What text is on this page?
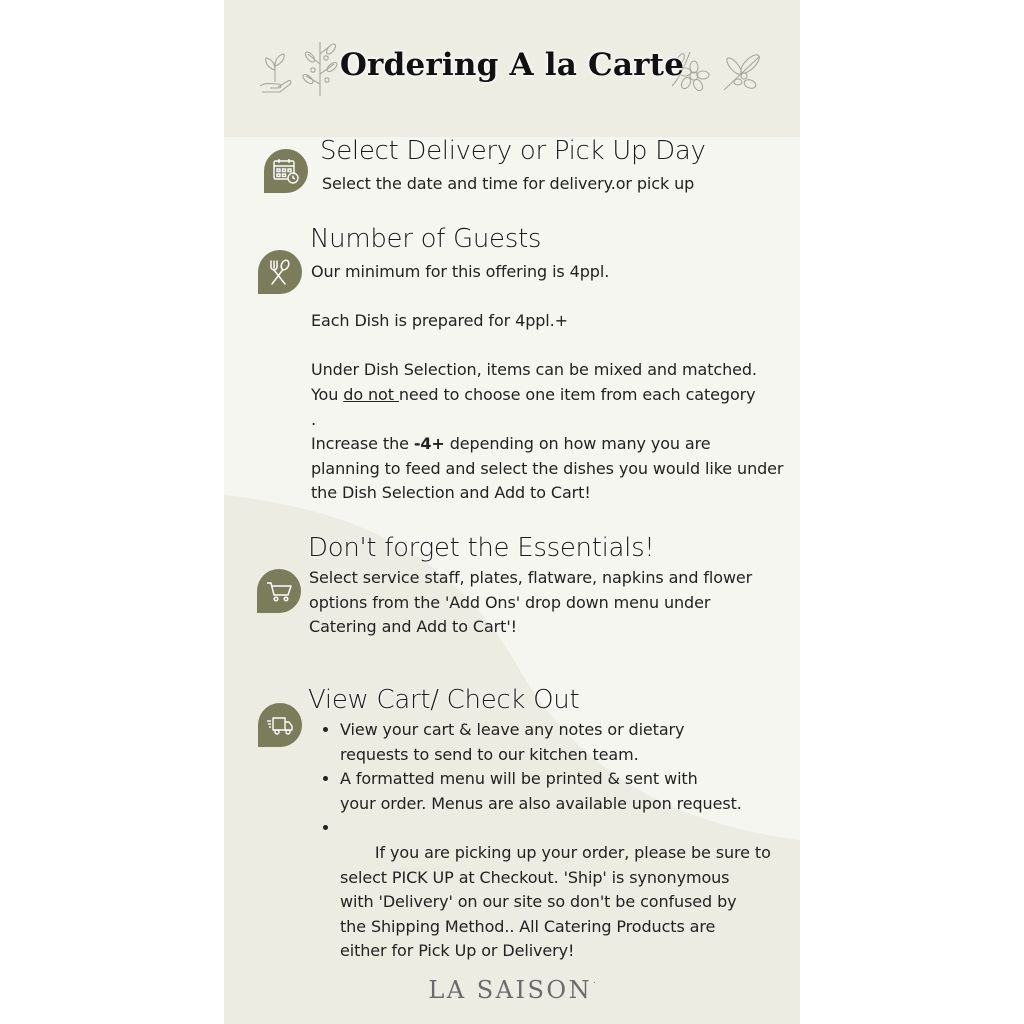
Ordering A la Carte
Select Delivery or Pick Up Day

Select the date and time for delivery.or pick up

Number of Guests

Our minimum for this offering is 4ppl.

Each Dish is prepared for 4ppl.+

Under Dish Selection, items can be mixed and matched.

You do not need to choose one item from each category

.

Increase the -4+ depending on how many you are

planning to feed and select the dishes you would like under

the Dish Selection and Add to Cart!

Don't forget the Essentials!

Select service staff, plates, flatware, napkins and flower

options from the 'Add Ons' drop down menu under

Catering and Add to Cart'!

View Cart/ Check Out
• View your cart & leave any notes or dietary
requests to send to our kitchen team.
• A formatted menu will be printed & sent with
your order. Menus are also available upon request.

•  If you are picking up your order, please be sure to
select PICK UP at Checkout. 'Ship' is synonymous
with 'Delivery' on our site so don't be confused by
the Shipping Method.. All Catering Products are
either for Pick Up or Delivery!

LA SAISON.
